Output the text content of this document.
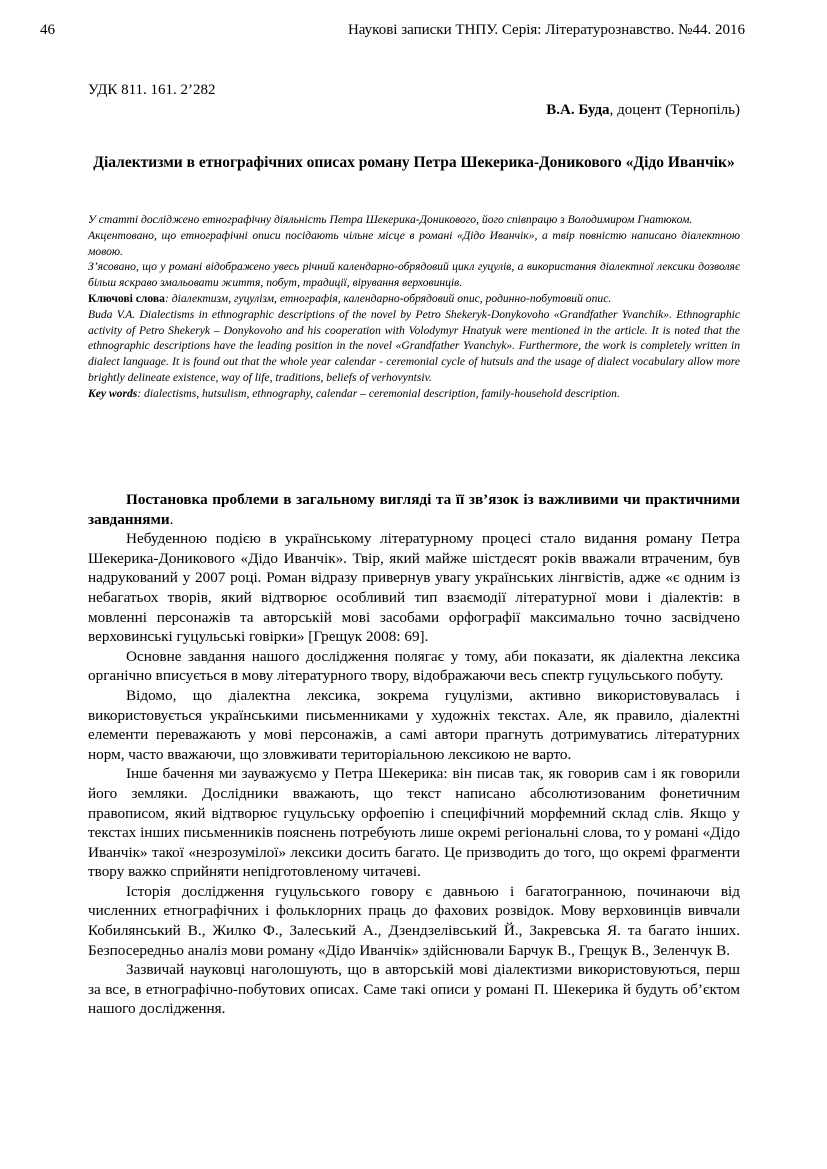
46	Наукові записки ТНПУ. Серія: Літературознавство. №44. 2016
УДК 811. 161. 2’282
В.А. Буда, доцент (Тернопіль)
Діалектизми в етнографічних описах роману Петра Шекерика-Доникового «Дідо Иванчік»

У статті досліджено етнографічну діяльність Петра Шекерика-Доникового, його співпрацю з Володимиром Гнатюком.

Акцентовано, що етнографічні описи посідають чільне місце в романі «Дідо Иванчік», а твір повністю написано діалектною мовою.

З’ясовано, що у романі відображено увесь річний календарно-обрядовий цикл гуцулів, а використання діалектної лексики дозволяє більш яскраво змальовати життя, побут, традиції, вірування верховинців.

Ключові слова: діалектизм, гуцулізм, етнографія, календарно-обрядовий опис, родинно-побутовий опис.

Buda V.A. Dialectisms in ethnographic descriptions of the novel by Petro Shekeryk-Donykovoho «Grandfather Yvanchik». Ethnographic activity of Petro Shekeryk – Donykovoho and his cooperation with Volodymyr Hnatyuk were mentioned in the article. It is noted that the ethnographic descriptions have the leading position in the novel «Grandfather Yvanchyk». Furthermore, the work is completely written in dialect language. It is found out that the whole year calendar - ceremonial cycle of hutsuls and the usage of dialect vocabulary allow more brightly delineate existence, way of life, traditions, beliefs of verhovyntsiv.

Key words: dialectisms, hutsulism, ethnography, calendar – ceremonial description, family-household description.

Постановка проблеми в загальному вигляді та її зв’язок із важливими чи практичними завданнями.

Небуденною подією в українському літературному процесі стало видання роману Петра Шекерика-Доникового «Дідо Иванчік». Твір, який майже шістдесят років вважали втраченим, був надрукований у 2007 році. Роман відразу привернув увагу українських лінгвістів, адже «є одним із небагатьох творів, який відтворює особливий тип взаємодії літературної мови і діалектів: в мовленні персонажів та авторській мові засобами орфографії максимально точно засвідчено верховинські гуцульські говірки» [Грещук 2008: 69].

Основне завдання нашого дослідження полягає у тому, аби показати, як діалектна лексика органічно вписується в мову літературного твору, відображаючи весь спектр гуцульського побуту.

Відомо, що діалектна лексика, зокрема гуцулізми, активно використовувалась і використовується українськими письменниками у художніх текстах. Але, як правило, діалектні елементи переважають у мові персонажів, а самі автори прагнуть дотримуватись літературних норм, часто вважаючи, що зловживати територіальною лексикою не варто.

Інше бачення ми зауважуємо у Петра Шекерика: він писав так, як говорив сам і як говорили його земляки. Дослідники вважають, що текст написано абсолютизованим фонетичним правописом, який відтворює гуцульську орфоепію і специфічний морфемний склад слів. Якщо у текстах інших письменників пояснень потребують лише окремі регіональні слова, то у романі «Дідо Иванчік» такої «незрозумілої» лексики досить багато. Це призводить до того, що окремі фрагменти твору важко сприйняти непідготовленому читачеві.

Історія дослідження гуцульського говору є давньою і багатогранною, починаючи від численних етнографічних і фольклорних праць до фахових розвідок. Мову верховинців вивчали Кобилянський В., Жилко Ф., Залеський А., Дзендзелівський Й., Закревська Я. та багато інших. Безпосередньо аналіз мови роману «Дідо Иванчік» здійснювали Барчук В., Грещук В., Зеленчук В.

Зазвичай науковці наголошують, що в авторській мові діалектизми використовуються, перш за все, в етнографічно-побутових описах. Саме такі описи у романі П. Шекерика й будуть об’єктом нашого дослідження.
